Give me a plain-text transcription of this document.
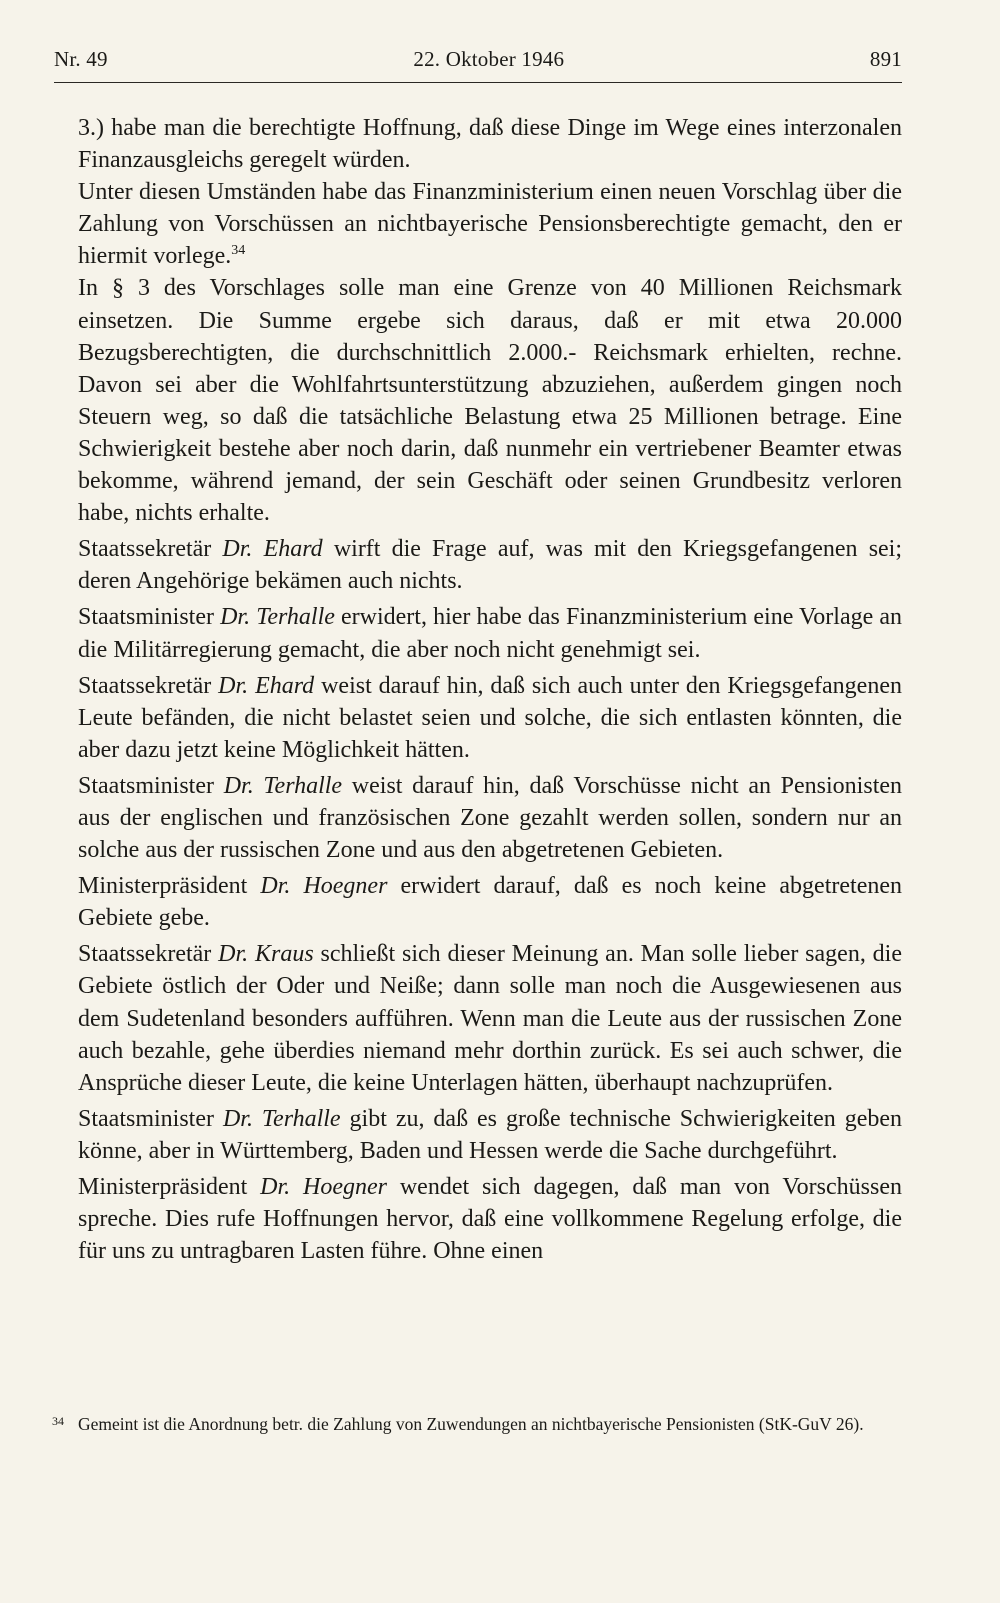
Nr. 49	22. Oktober 1946	891

3.) habe man die berechtigte Hoffnung, daß diese Dinge im Wege eines interzonalen Finanzausgleichs geregelt würden.

Unter diesen Umständen habe das Finanzministerium einen neuen Vorschlag über die Zahlung von Vorschüssen an nichtbayerische Pensionsberechtigte gemacht, den er hiermit vorlege.$^{34}$

In § 3 des Vorschlages solle man eine Grenze von 40 Millionen Reichsmark einsetzen. Die Summe ergebe sich daraus, daß er mit etwa 20.000 Bezugsberechtigten, die durchschnittlich 2.000.- Reichsmark erhielten, rechne. Davon sei aber die Wohlfahrtsunterstützung abzuziehen, außerdem gingen noch Steuern weg, so daß die tatsächliche Belastung etwa 25 Millionen betrage. Eine Schwierigkeit bestehe aber noch darin, daß nunmehr ein vertriebener Beamter etwas bekomme, während jemand, der sein Geschäft oder seinen Grundbesitz verloren habe, nichts erhalte.

Staatssekretär Dr. Ehard wirft die Frage auf, was mit den Kriegsgefangenen sei; deren Angehörige bekämen auch nichts.

Staatsminister Dr. Terhalle erwidert, hier habe das Finanzministerium eine Vorlage an die Militärregierung gemacht, die aber noch nicht genehmigt sei.

Staatssekretär Dr. Ehard weist darauf hin, daß sich auch unter den Kriegsgefangenen Leute befänden, die nicht belastet seien und solche, die sich entlasten könnten, die aber dazu jetzt keine Möglichkeit hätten.

Staatsminister Dr. Terhalle weist darauf hin, daß Vorschüsse nicht an Pensionisten aus der englischen und französischen Zone gezahlt werden sollen, sondern nur an solche aus der russischen Zone und aus den abgetretenen Gebieten.

Ministerpräsident Dr. Hoegner erwidert darauf, daß es noch keine abgetretenen Gebiete gebe.

Staatssekretär Dr. Kraus schließt sich dieser Meinung an. Man solle lieber sagen, die Gebiete östlich der Oder und Neiße; dann solle man noch die Ausgewiesenen aus dem Sudetenland besonders aufführen. Wenn man die Leute aus der russischen Zone auch bezahle, gehe überdies niemand mehr dorthin zurück. Es sei auch schwer, die Ansprüche dieser Leute, die keine Unterlagen hätten, überhaupt nachzuprüfen.

Staatsminister Dr. Terhalle gibt zu, daß es große technische Schwierigkeiten geben könne, aber in Württemberg, Baden und Hessen werde die Sache durchgeführt.

Ministerpräsident Dr. Hoegner wendet sich dagegen, daß man von Vorschüssen spreche. Dies rufe Hoffnungen hervor, daß eine vollkommene Regelung erfolge, die für uns zu untragbaren Lasten führe. Ohne einen

34 Gemeint ist die Anordnung betr. die Zahlung von Zuwendungen an nichtbayerische Pensionisten (StK-GuV 26).
